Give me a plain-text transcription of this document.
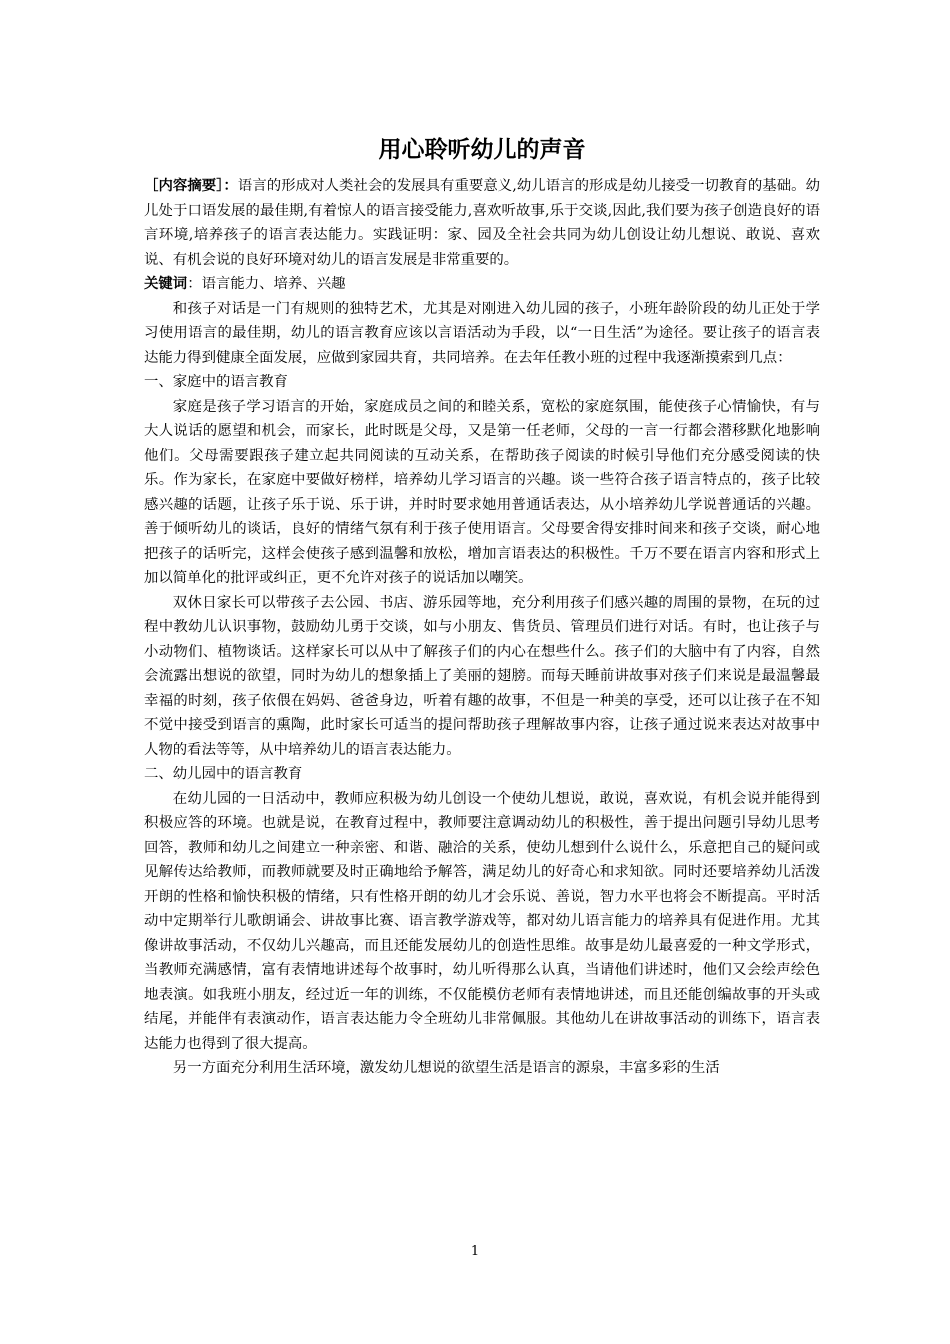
用心聆听幼儿的声音

［内容摘要］：语言的形成对人类社会的发展具有重要意义,幼儿语言的形成是幼儿接受一切教育的基础。幼儿处于口语发展的最佳期,有着惊人的语言接受能力,喜欢听故事,乐于交谈,因此,我们要为孩子创造良好的语言环境,培养孩子的语言表达能力。实践证明：家、园及全社会共同为幼儿创设让幼儿想说、敢说、喜欢说、有机会说的良好环境对幼儿的语言发展是非常重要的。

关键词：语言能力、培养、兴趣

和孩子对话是一门有规则的独特艺术，尤其是对刚进入幼儿园的孩子，小班年龄阶段的幼儿正处于学习使用语言的最佳期，幼儿的语言教育应该以言语活动为手段，以“一日生活”为途径。要让孩子的语言表达能力得到健康全面发展，应做到家园共育，共同培养。在去年任教小班的过程中我逐渐摸索到几点：

一、家庭中的语言教育

家庭是孩子学习语言的开始，家庭成员之间的和睦关系，宽松的家庭氛围，能使孩子心情愉快，有与大人说话的愿望和机会，而家长，此时既是父母，又是第一任老师，父母的一言一行都会潜移默化地影响他们。父母需要跟孩子建立起共同阅读的互动关系，在帮助孩子阅读的时候引导他们充分感受阅读的快乐。作为家长，在家庭中要做好榜样，培养幼儿学习语言的兴趣。谈一些符合孩子语言特点的，孩子比较感兴趣的话题，让孩子乐于说、乐于讲，并时时要求她用普通话表达，从小培养幼儿学说普通话的兴趣。善于倾听幼儿的谈话，良好的情绪气氛有利于孩子使用语言。父母要舍得安排时间来和孩子交谈，耐心地把孩子的话听完，这样会使孩子感到温馨和放松，增加言语表达的积极性。千万不要在语言内容和形式上加以简单化的批评或纠正，更不允许对孩子的说话加以嘲笑。

双休日家长可以带孩子去公园、书店、游乐园等地，充分利用孩子们感兴趣的周围的景物，在玩的过程中教幼儿认识事物，鼓励幼儿勇于交谈，如与小朋友、售货员、管理员们进行对话。有时，也让孩子与小动物们、植物谈话。这样家长可以从中了解孩子们的内心在想些什么。孩子们的大脑中有了内容，自然会流露出想说的欲望，同时为幼儿的想象插上了美丽的翅膀。而每天睡前讲故事对孩子们来说是最温馨最幸福的时刻，孩子依偎在妈妈、爸爸身边，听着有趣的故事，不但是一种美的享受，还可以让孩子在不知不觉中接受到语言的熏陶，此时家长可适当的提问帮助孩子理解故事内容，让孩子通过说来表达对故事中人物的看法等等，从中培养幼儿的语言表达能力。

二、幼儿园中的语言教育

在幼儿园的一日活动中，教师应积极为幼儿创设一个使幼儿想说，敢说，喜欢说，有机会说并能得到积极应答的环境。也就是说，在教育过程中，教师要注意调动幼儿的积极性，善于提出问题引导幼儿思考回答，教师和幼儿之间建立一种亲密、和谐、融洽的关系，使幼儿想到什么说什么，乐意把自己的疑问或见解传达给教师，而教师就要及时正确地给予解答，满足幼儿的好奇心和求知欲。同时还要培养幼儿活泼开朗的性格和愉快积极的情绪，只有性格开朗的幼儿才会乐说、善说，智力水平也将会不断提高。平时活动中定期举行儿歌朗诵会、讲故事比赛、语言教学游戏等，都对幼儿语言能力的培养具有促进作用。尤其像讲故事活动，不仅幼儿兴趣高，而且还能发展幼儿的创造性思维。故事是幼儿最喜爱的一种文学形式，当教师充满感情，富有表情地讲述每个故事时，幼儿听得那么认真，当请他们讲述时，他们又会绘声绘色地表演。如我班小朋友，经过近一年的训练，不仅能模仿老师有表情地讲述，而且还能创编故事的开头或结尾，并能伴有表演动作，语言表达能力令全班幼儿非常佩服。其他幼儿在讲故事活动的训练下，语言表达能力也得到了很大提高。

另一方面充分利用生活环境，激发幼儿想说的欲望生活是语言的源泉，丰富多彩的生活

1
